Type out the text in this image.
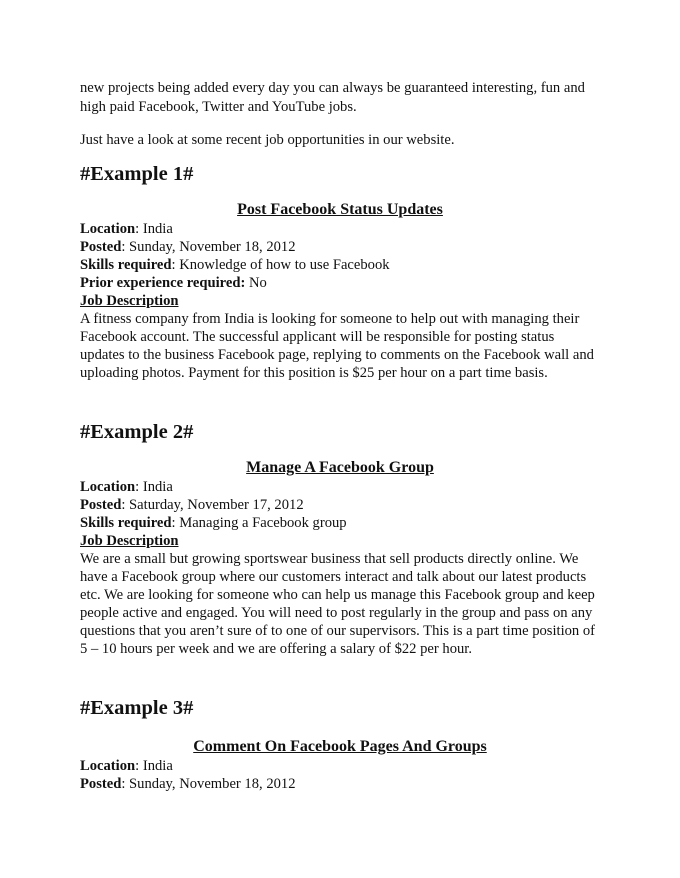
new projects being added every day you can always be guaranteed interesting, fun and high paid Facebook, Twitter and YouTube jobs.

Just have a look at some recent job opportunities in our website.

#Example 1#
Post Facebook Status Updates

Location: India

Posted: Sunday, November 18, 2012

Skills required: Knowledge of how to use Facebook

Prior experience required: No

Job Description

A fitness company from India is looking for someone to help out with managing their Facebook account. The successful applicant will be responsible for posting status updates to the business Facebook page, replying to comments on the Facebook wall and uploading photos. Payment for this position is $25 per hour on a part time basis.

#Example 2#
Manage A Facebook Group

Location: India

Posted: Saturday, November 17, 2012

Skills required: Managing a Facebook group

Job Description

We are a small but growing sportswear business that sell products directly online. We have a Facebook group where our customers interact and talk about our latest products etc. We are looking for someone who can help us manage this Facebook group and keep people active and engaged. You will need to post regularly in the group and pass on any questions that you aren’t sure of to one of our supervisors. This is a part time position of 5 – 10 hours per week and we are offering a salary of $22 per hour.

#Example 3#
Comment On Facebook Pages And Groups

Location: India

Posted: Sunday, November 18, 2012
